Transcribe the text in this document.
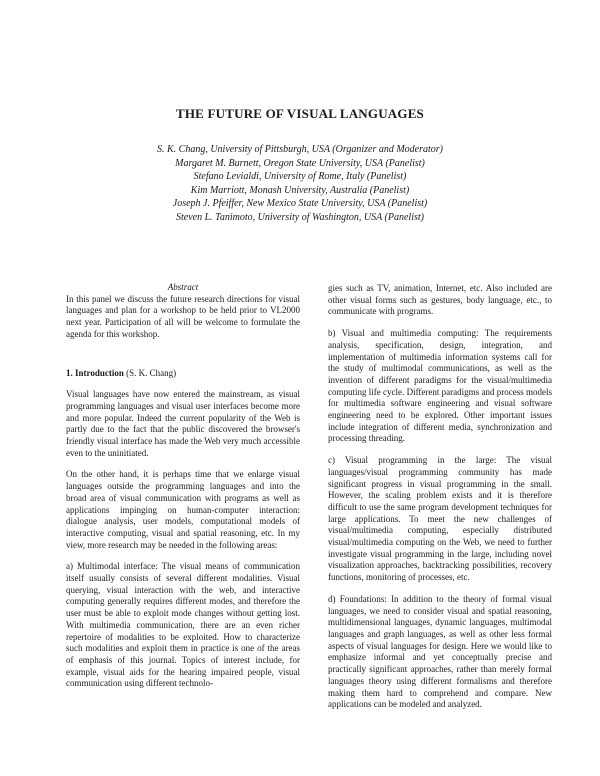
THE FUTURE OF VISUAL LANGUAGES
S. K. Chang, University of Pittsburgh, USA (Organizer and Moderator)
Margaret M. Burnett, Oregon State University, USA (Panelist)
Stefano Levialdi, University of Rome, Italy (Panelist)
Kim Marriott, Monash University, Australia (Panelist)
Joseph J. Pfeiffer, New Mexico State University, USA (Panelist)
Steven L. Tanimoto, University of Washington, USA (Panelist)

Abstract

In this panel we discuss the future research directions for visual languages and plan for a workshop to be held prior to VL2000 next year. Participation of all will be welcome to formulate the agenda for this workshop.

1. Introduction (S. K. Chang)

Visual languages have now entered the mainstream, as visual programming languages and visual user interfaces become more and more popular. Indeed the current popularity of the Web is partly due to the fact that the public discovered the browser's friendly visual interface has made the Web very much accessible even to the uninitiated.

On the other hand, it is perhaps time that we enlarge visual languages outside the programming languages and into the broad area of visual communication with programs as well as applications impinging on human-computer interaction: dialogue analysis, user models, computational models of interactive computing, visual and spatial reasoning, etc. In my view, more research may be needed in the following areas:

a) Multimodal interface: The visual means of communication itself usually consists of several different modalities. Visual querying, visual interaction with the web, and interactive computing generally requires different modes, and therefore the user must be able to exploit mode changes without getting lost. With multimedia communication, there are an even richer repertoire of modalities to be exploited. How to characterize such modalities and exploit them in practice is one of the areas of emphasis of this journal. Topics of interest include, for example, visual aids for the hearing impaired people, visual communication using different technolo-

gies such as TV, animation, Internet, etc. Also included are other visual forms such as gestures, body language, etc., to communicate with programs.

b) Visual and multimedia computing: The requirements analysis, specification, design, integration, and implementation of multimedia information systems call for the study of multimodal communications, as well as the invention of different paradigms for the visual/multimedia computing life cycle. Different paradigms and process models for multimedia software engineering and visual software engineering need to be explored. Other important issues include integration of different media, synchronization and processing threading.

c) Visual programming in the large: The visual languages/visual programming community has made significant progress in visual programming in the small. However, the scaling problem exists and it is therefore difficult to use the same program development techniques for large applications. To meet the new challenges of visual/multimedia computing, especially distributed visual/multimedia computing on the Web, we need to further investigate visual programming in the large, including novel visualization approaches, backtracking possibilities, recovery functions, monitoring of processes, etc.

d) Foundations: In addition to the theory of formal visual languages, we need to consider visual and spatial reasoning, multidimensional languages, dynamic languages, multimodal languages and graph languages, as well as other less formal aspects of visual languages for design. Here we would like to emphasize informal and yet conceptually precise and practically significant approaches, rather than merely formal languages theory using different formalisms and therefore making them hard to comprehend and compare. New applications can be modeled and analyzed.
